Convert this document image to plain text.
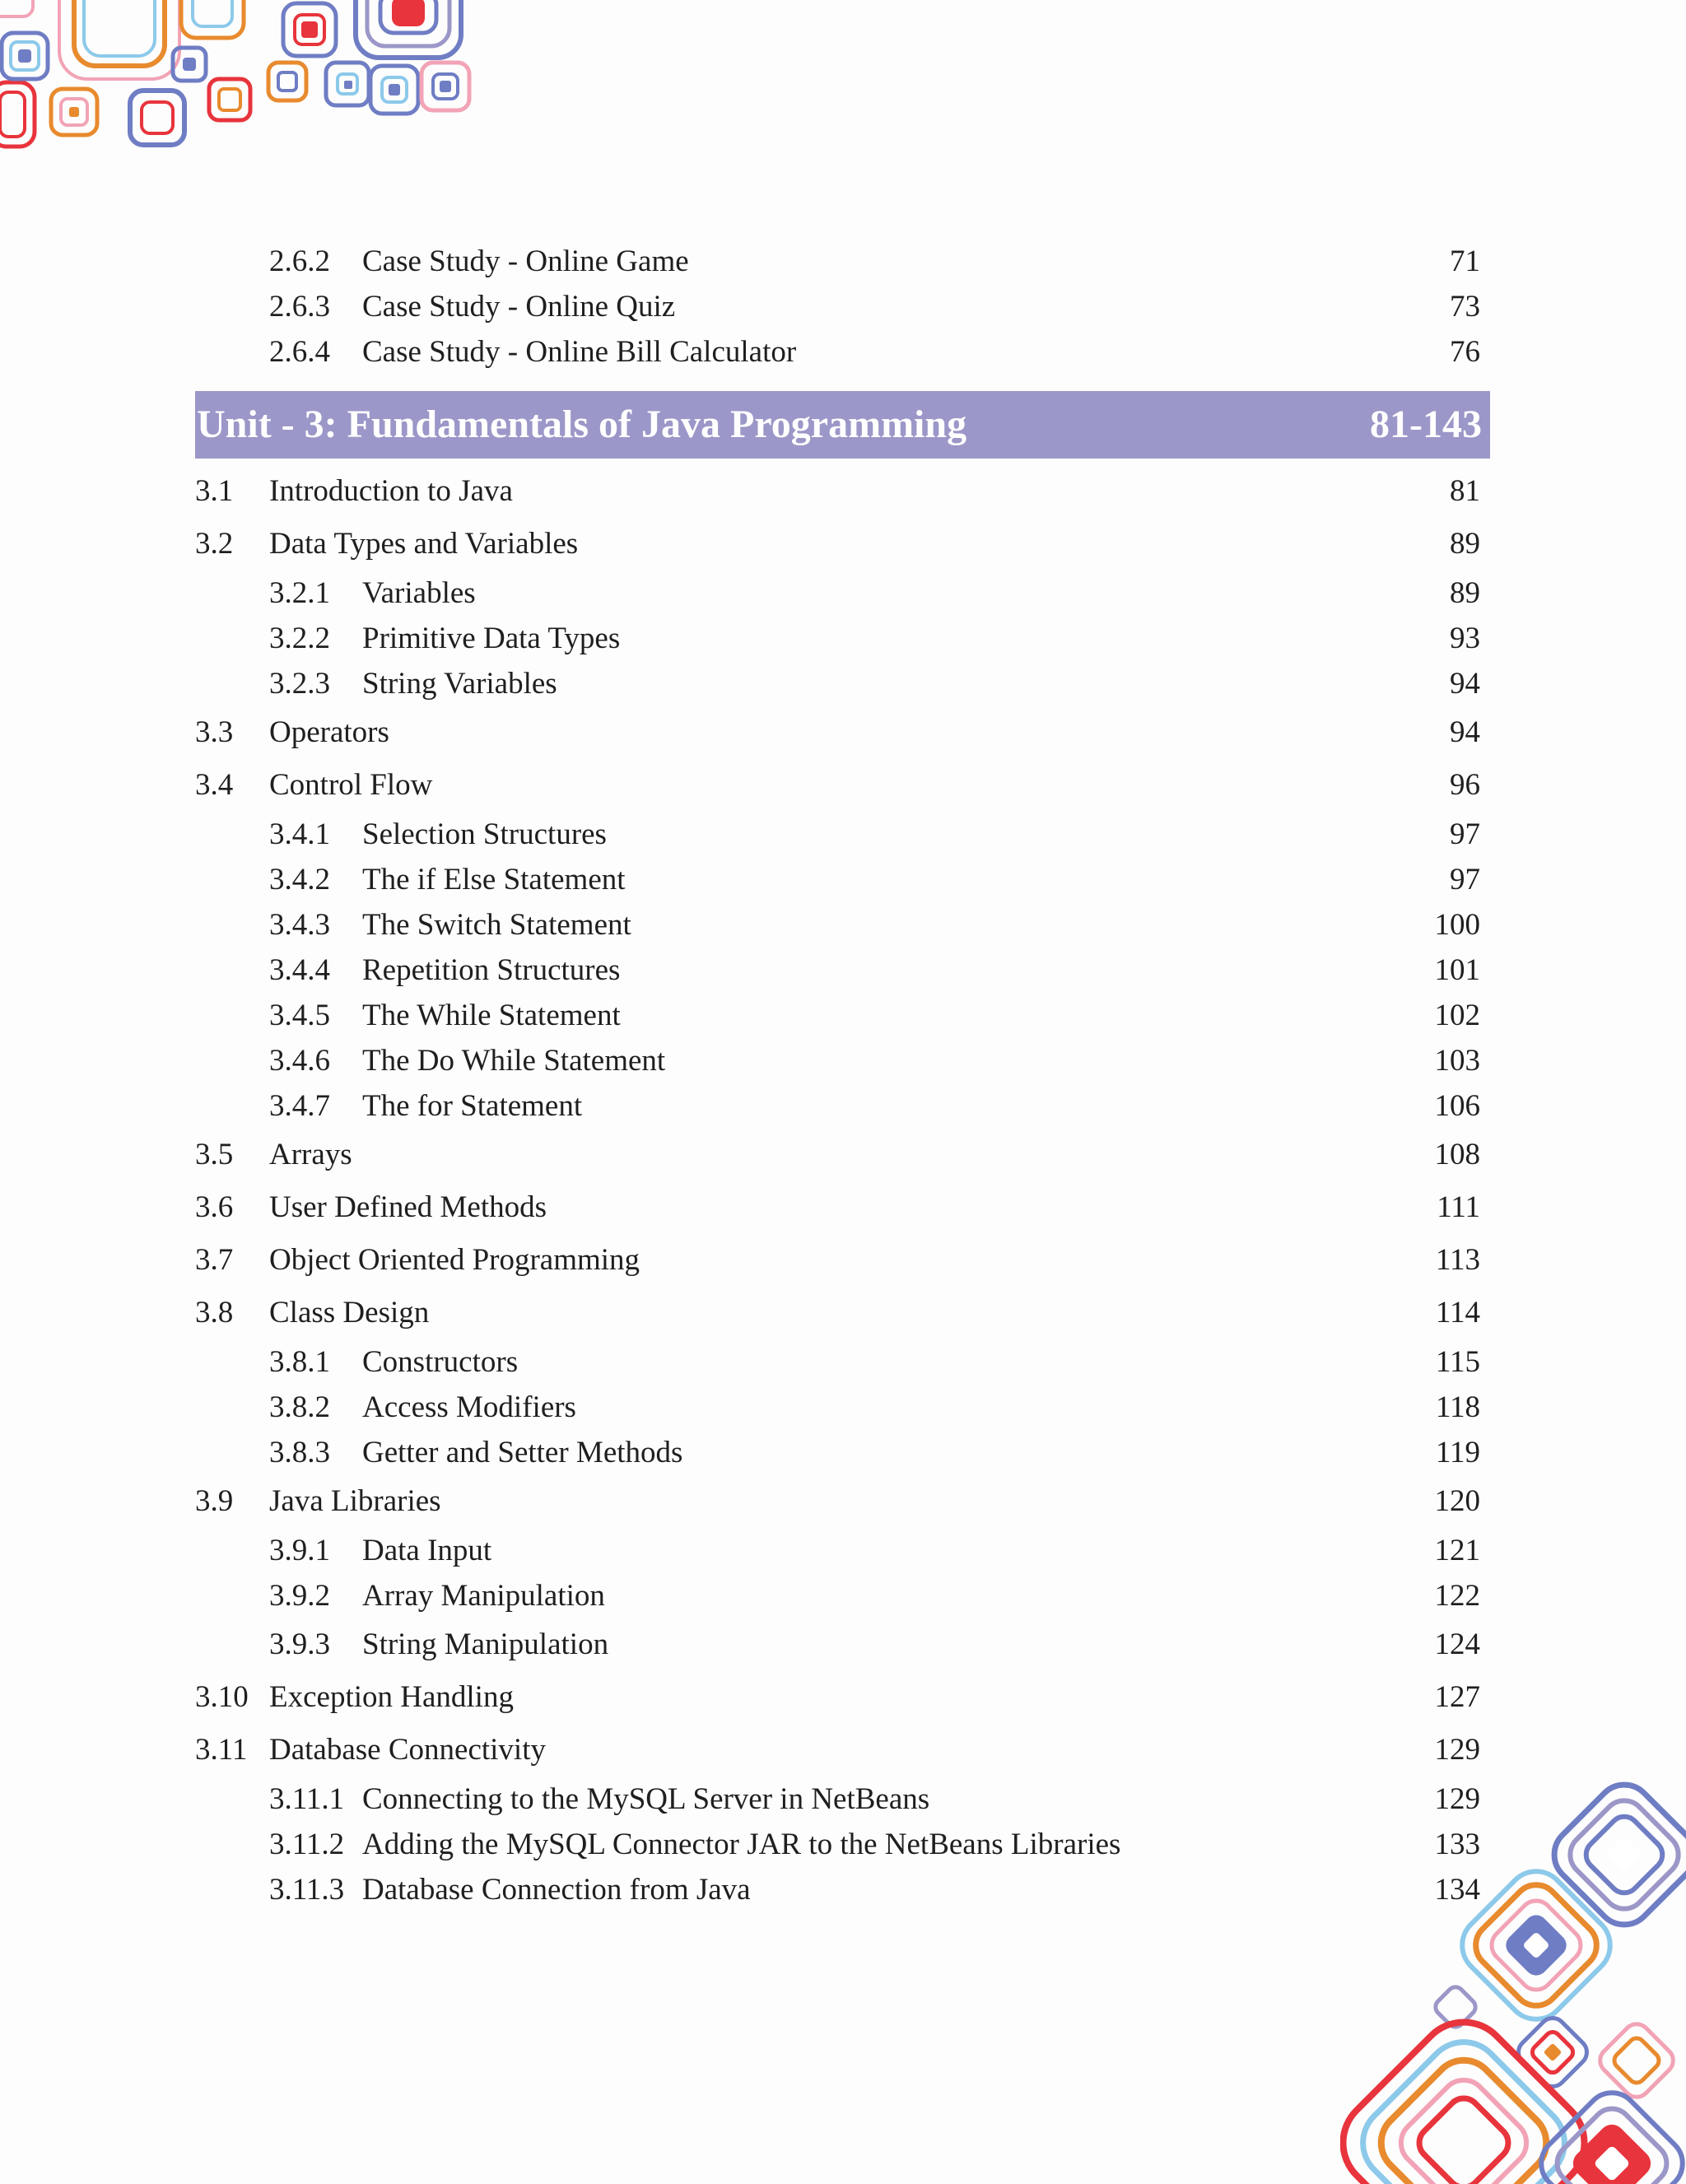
2.6.2 Case Study - Online Game	71
2.6.3 Case Study - Online Quiz	73
2.6.4 Case Study - Online Bill Calculator	76
Unit - 3: Fundamentals of Java Programming	81-143
3.1 Introduction to Java	81
3.2 Data Types and Variables	89
3.2.1 Variables	89
3.2.2 Primitive Data Types	93
3.2.3 String Variables	94
3.3 Operators	94
3.4 Control Flow	96
3.4.1 Selection Structures	97
3.4.2 The if Else Statement	97
3.4.3 The Switch Statement	100
3.4.4 Repetition Structures	101
3.4.5 The While Statement	102
3.4.6 The Do While Statement	103
3.4.7 The for Statement	106
3.5 Arrays	108
3.6 User Defined Methods	111
3.7 Object Oriented Programming	113
3.8 Class Design	114
3.8.1 Constructors	115
3.8.2 Access Modifiers	118
3.8.3 Getter and Setter Methods	119
3.9 Java Libraries	120
3.9.1 Data Input	121
3.9.2 Array Manipulation	122
3.9.3 String Manipulation	124
3.10 Exception Handling	127
3.11 Database Connectivity	129
3.11.1 Connecting to the MySQL Server in NetBeans	129
3.11.2 Adding the MySQL Connector JAR to the NetBeans Libraries	133
3.11.3 Database Connection from Java	134
